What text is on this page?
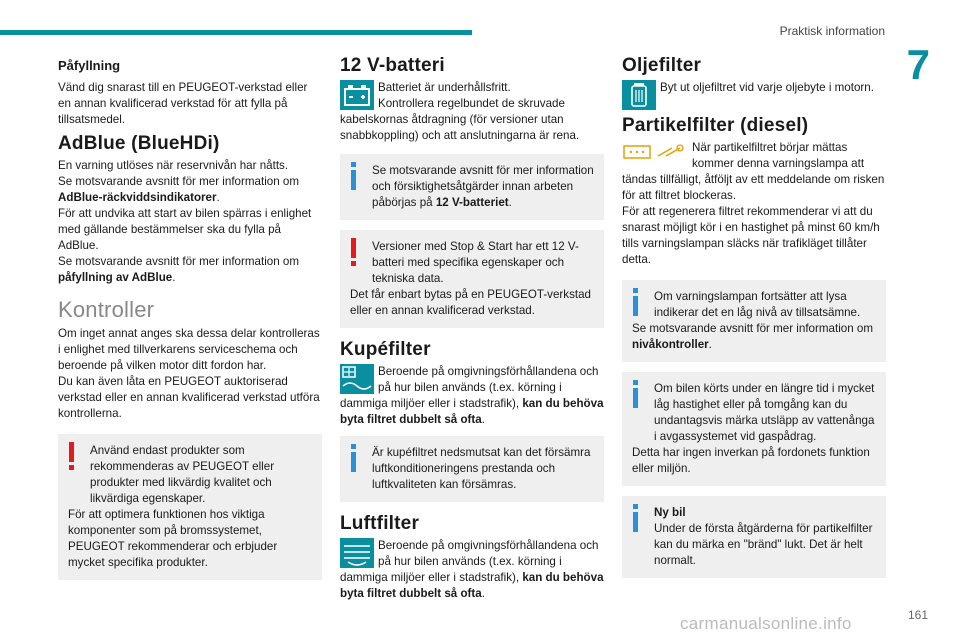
Praktisk information
7
Påfyllning

Vänd dig snarast till en PEUGEOT-verkstad eller en annan kvalificerad verkstad för att fylla på tillsatsmedel.

AdBlue (BlueHDi)
En varning utlöses när reservnivån har nåtts.
Se motsvarande avsnitt för mer information om AdBlue-räckviddsindikatorer.
För att undvika att start av bilen spärras i enlighet med gällande bestämmelser ska du fylla på AdBlue.
Se motsvarande avsnitt för mer information om påfyllning av AdBlue.
Kontroller
Om inget annat anges ska dessa delar kontrolleras i enlighet med tillverkarens serviceschema och beroende på vilken motor ditt fordon har.
Du kan även låta en PEUGEOT auktoriserad verkstad eller en annan kvalificerad verkstad utföra kontrollerna.
Använd endast produkter som rekommenderas av PEUGEOT eller produkter med likvärdig kvalitet och likvärdiga egenskaper.
För att optimera funktionen hos viktiga komponenter som på bromssystemet, PEUGEOT rekommenderar och erbjuder mycket specifika produkter.
12 V-batteri
Batteriet är underhållsfritt.
Kontrollera regelbundet de skruvade kabelskornas åtdragning (för versioner utan snabbkoppling) och att anslutningarna är rena.
Se motsvarande avsnitt för mer information och försiktighetsåtgärder innan arbeten påbörjas på 12 V-batteriet.
Versioner med Stop & Start har ett 12 V-batteri med specifika egenskaper och tekniska data.
Det får enbart bytas på en PEUGEOT-verkstad eller en annan kvalificerad verkstad.
Kupéfilter
Beroende på omgivningsförhållandena och på hur bilen används (t.ex. körning i dammiga miljöer eller i stadstrafik), kan du behöva byta filtret dubbelt så ofta.
Är kupéfiltret nedsmutsat kan det försämra luftkonditioneringens prestanda och luftkvaliteten kan försämras.
Luftfilter
Beroende på omgivningsförhållandena och på hur bilen används (t.ex. körning i dammiga miljöer eller i stadstrafik), kan du behöva byta filtret dubbelt så ofta.
Oljefilter
Byt ut oljefiltret vid varje oljebyte i motorn.
Partikelfilter (diesel)
När partikelfiltret börjar mättas kommer denna varningslampa att tändas tillfälligt, åtföljt av ett meddelande om risken för att filtret blockeras.
För att regenerera filtret rekommenderar vi att du snarast möjligt kör i en hastighet på minst 60 km/h tills varningslampan släcks när trafikläget tillåter detta.
Om varningslampan fortsätter att lysa indikerar det en låg nivå av tillsatsämne.
Se motsvarande avsnitt för mer information om nivåkontroller.
Om bilen körts under en längre tid i mycket låg hastighet eller på tomgång kan du undantagsvis märka utsläpp av vattenånga i avgassystemet vid gaspådrag.
Detta har ingen inverkan på fordonets funktion eller miljön.
Ny bil
Under de första åtgärderna för partikelfilter kan du märka en "bränd" lukt. Det är helt normalt.
161
carmanualsonline.info
